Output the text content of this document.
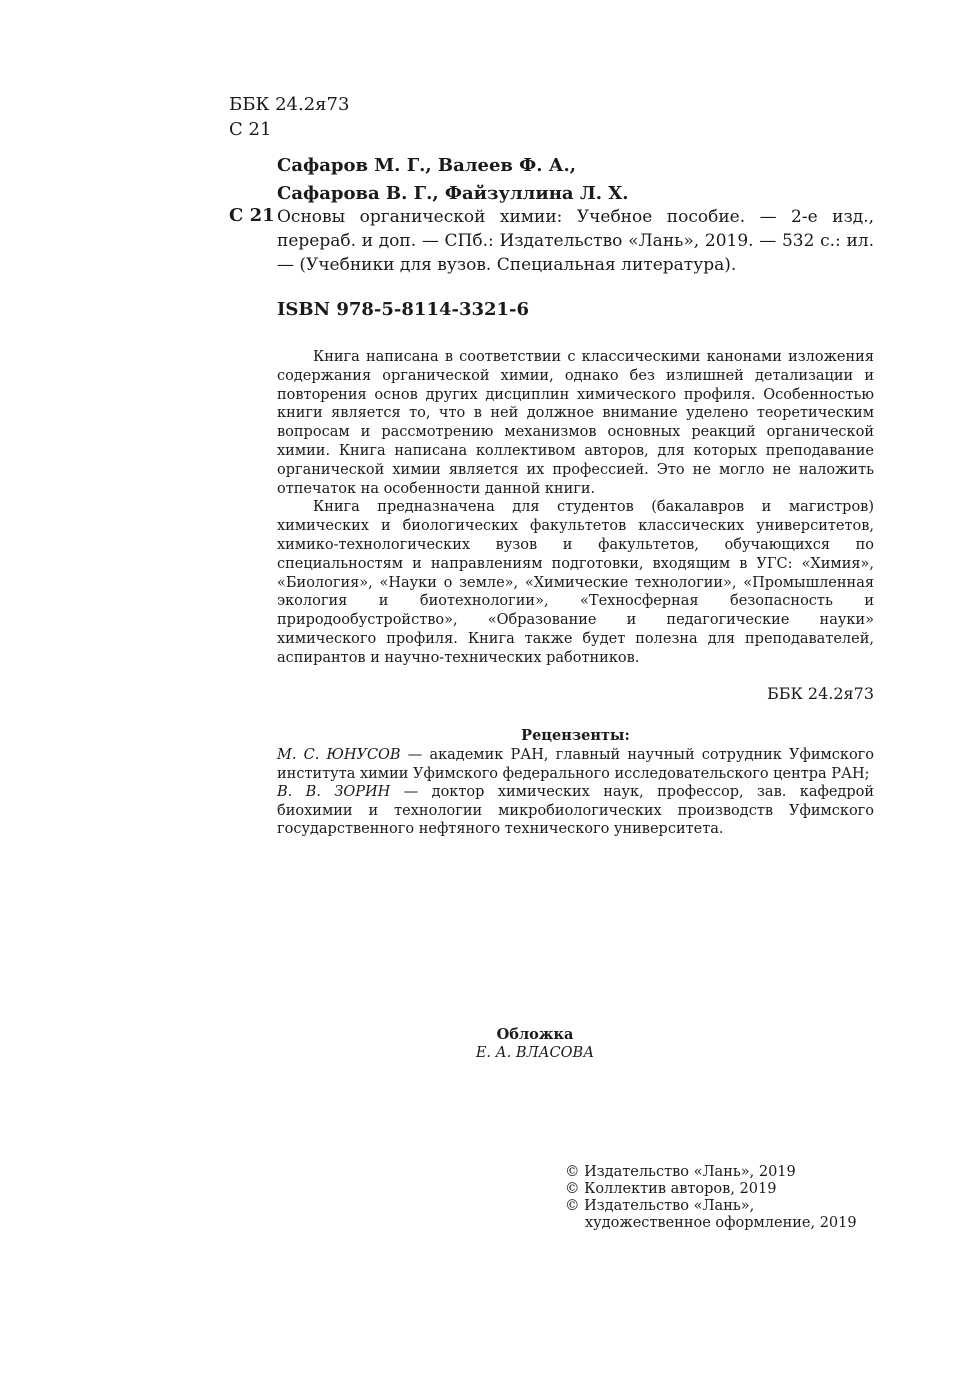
ББК 24.2я73
С 21
Сафаров М. Г., Валеев Ф. А.,
Сафарова В. Г., Файзуллина Л. Х.
С 21 Основы органической химии: Учебное пособие. — 2-е изд., перераб. и доп. — СПб.: Издательство «Лань», 2019. — 532 с.: ил. — (Учебники для вузов. Специальная литература).
ISBN 978-5-8114-3321-6

Книга написана в соответствии с классическими канонами изложения содержания органической химии, однако без излишней детализации и повторения основ других дисциплин химического профиля. Особенностью книги является то, что в ней должное внимание уделено теоретическим вопросам и рассмотрению механизмов основных реакций органической химии. Книга написана коллективом авторов, для которых преподавание органической химии является их профессией. Это не могло не наложить отпечаток на особенности данной книги.

Книга предназначена для студентов (бакалавров и магистров) химических и биологических факультетов классических университетов, химико-технологических вузов и факультетов, обучающихся по специальностям и направлениям подготовки, входящим в УГС: «Химия», «Биология», «Науки о земле», «Химические технологии», «Промышленная экология и биотехнологии», «Техносферная безопасность и природообустройство», «Образование и педагогические науки» химического профиля. Книга также будет полезна для преподавателей, аспирантов и научно-технических работников.

ББК 24.2я73
Рецензенты:

М. С. ЮНУСОВ — академик РАН, главный научный сотрудник Уфимского института химии Уфимского федерального исследовательского центра РАН;

В. В. ЗОРИН — доктор химических наук, профессор, зав. кафедрой биохимии и технологии микробиологических производств Уфимского государственного нефтяного технического университета.

Обложка
Е. А. ВЛАСОВА
© Издательство «Лань», 2019
© Коллектив авторов, 2019
© Издательство «Лань»,
художественное оформление, 2019
